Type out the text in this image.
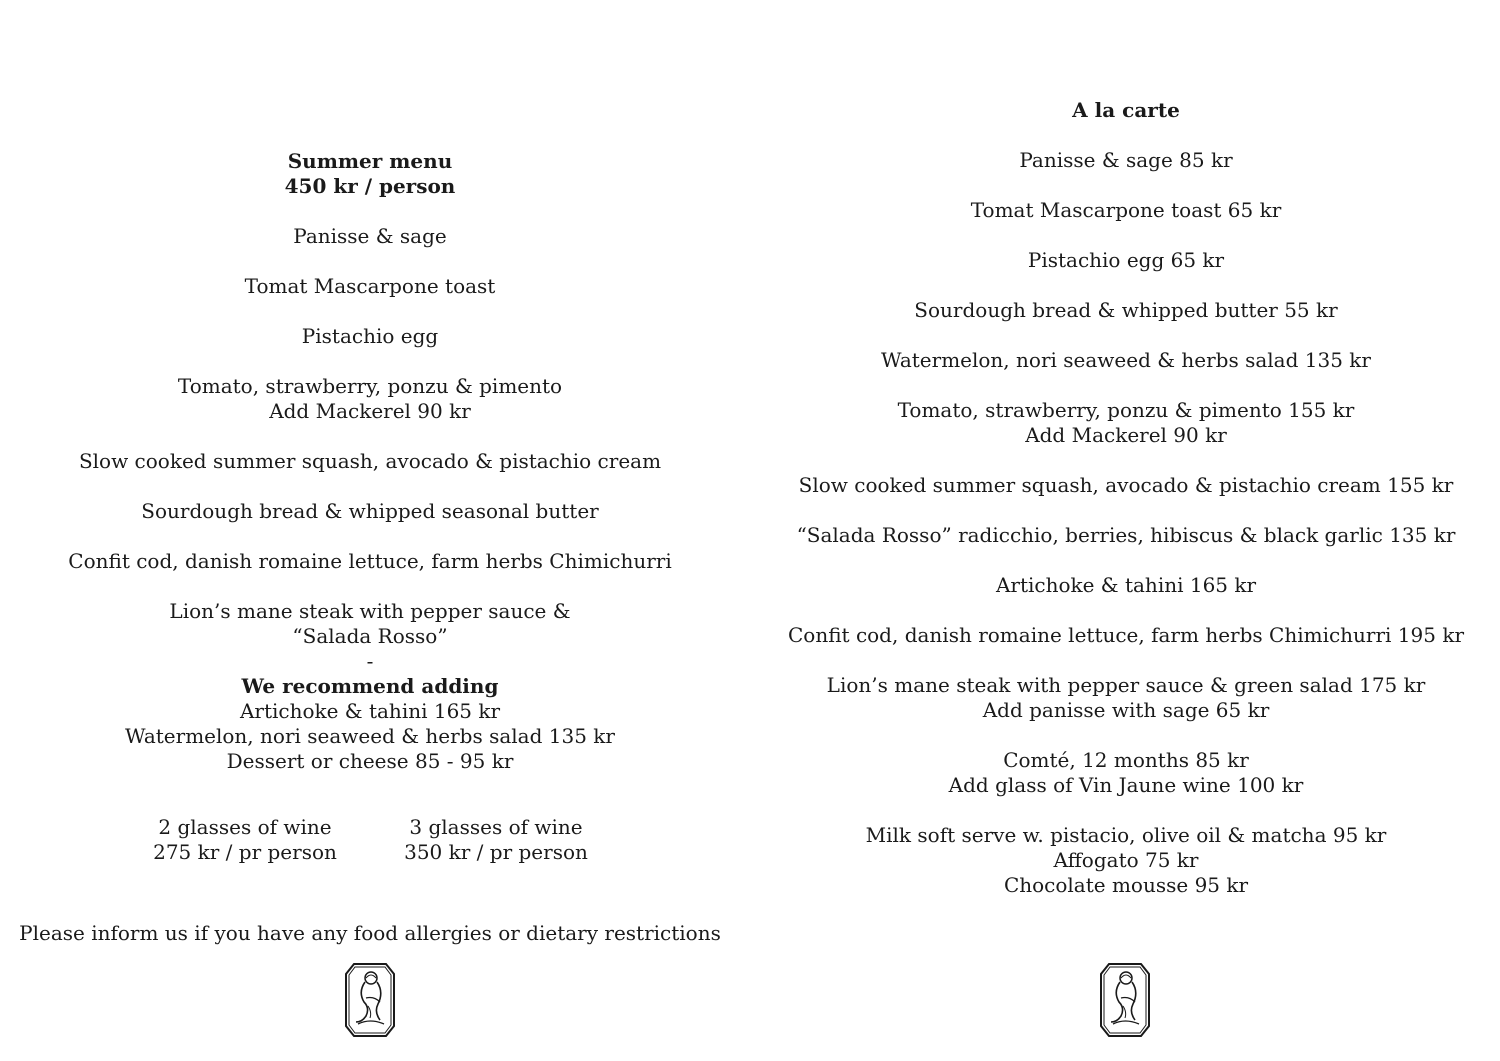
Summer menu
450 kr / person
Panisse & sage
Tomat Mascarpone toast
Pistachio egg
Tomato, strawberry, ponzu & pimento
Add Mackerel 90 kr
Slow cooked summer squash, avocado & pistachio cream
Sourdough bread & whipped seasonal butter
Confit cod, danish romaine lettuce, farm herbs Chimichurri
Lion’s mane steak with pepper sauce &
“Salada Rosso”
-
We recommend adding
Artichoke & tahini 165 kr
Watermelon, nori seaweed & herbs salad 135 kr
Dessert or cheese 85 - 95 kr
2 glasses of wine
275 kr / pr person
3 glasses of wine
350 kr / pr person
Please inform us if you have any food allergies or dietary restrictions
A la carte
Panisse & sage 85 kr
Tomat Mascarpone toast 65 kr
Pistachio egg 65 kr
Sourdough bread & whipped butter 55 kr
Watermelon, nori seaweed & herbs salad 135 kr
Tomato, strawberry, ponzu & pimento 155 kr
Add Mackerel 90 kr
Slow cooked summer squash, avocado & pistachio cream 155 kr
“Salada Rosso” radicchio, berries, hibiscus & black garlic 135 kr
Artichoke & tahini 165 kr
Confit cod, danish romaine lettuce, farm herbs Chimichurri 195 kr
Lion’s mane steak with pepper sauce & green salad 175 kr
Add panisse with sage 65 kr
Comté, 12 months 85 kr
Add glass of Vin Jaune wine 100 kr
Milk soft serve w. pistacio, olive oil & matcha 95 kr
Affogato 75 kr
Chocolate mousse 95 kr
